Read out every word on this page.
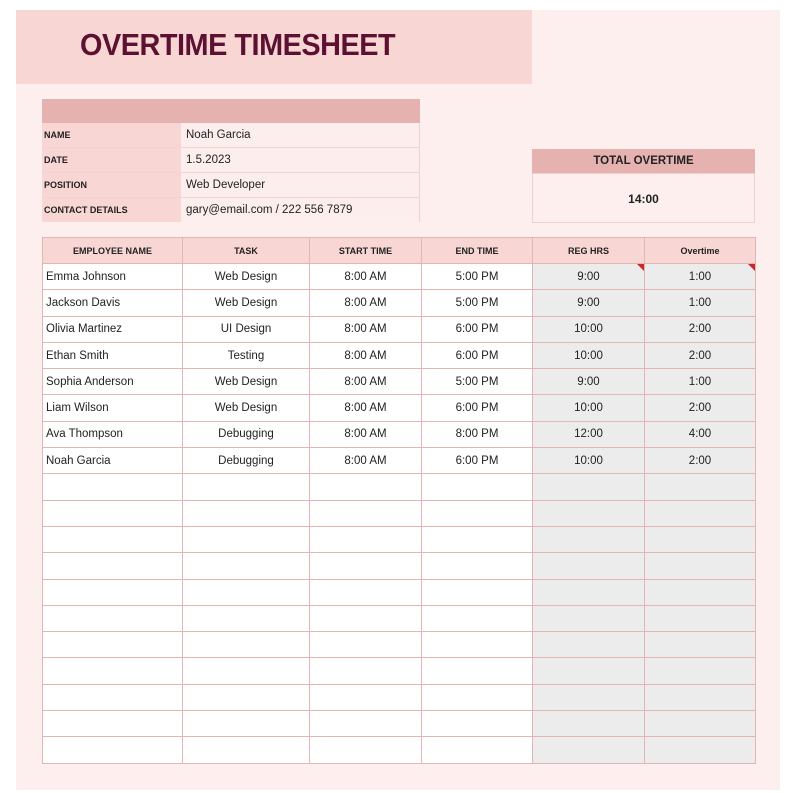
OVERTIME TIMESHEET
NAME	Noah Garcia
DATE	1.5.2023
POSITION	Web Developer
CONTACT DETAILS	gary@email.com / 222 556 7879
TOTAL OVERTIME
14:00
EMPLOYEE NAME	TASK	START TIME	END TIME	REG HRS	Overtime
Emma Johnson	Web Design	8:00 AM	5:00 PM	9:00	1:00

Jackson Davis	Web Design	8:00 AM	5:00 PM	9:00	1:00
Olivia Martinez	UI Design	8:00 AM	6:00 PM	10:00	2:00
Ethan Smith	Testing	8:00 AM	6:00 PM	10:00	2:00
Sophia Anderson	Web Design	8:00 AM	5:00 PM	9:00	1:00
Liam Wilson	Web Design	8:00 AM	6:00 PM	10:00	2:00
Ava Thompson	Debugging	8:00 AM	8:00 PM	12:00	4:00
Noah Garcia	Debugging	8:00 AM	6:00 PM	10:00	2:00
